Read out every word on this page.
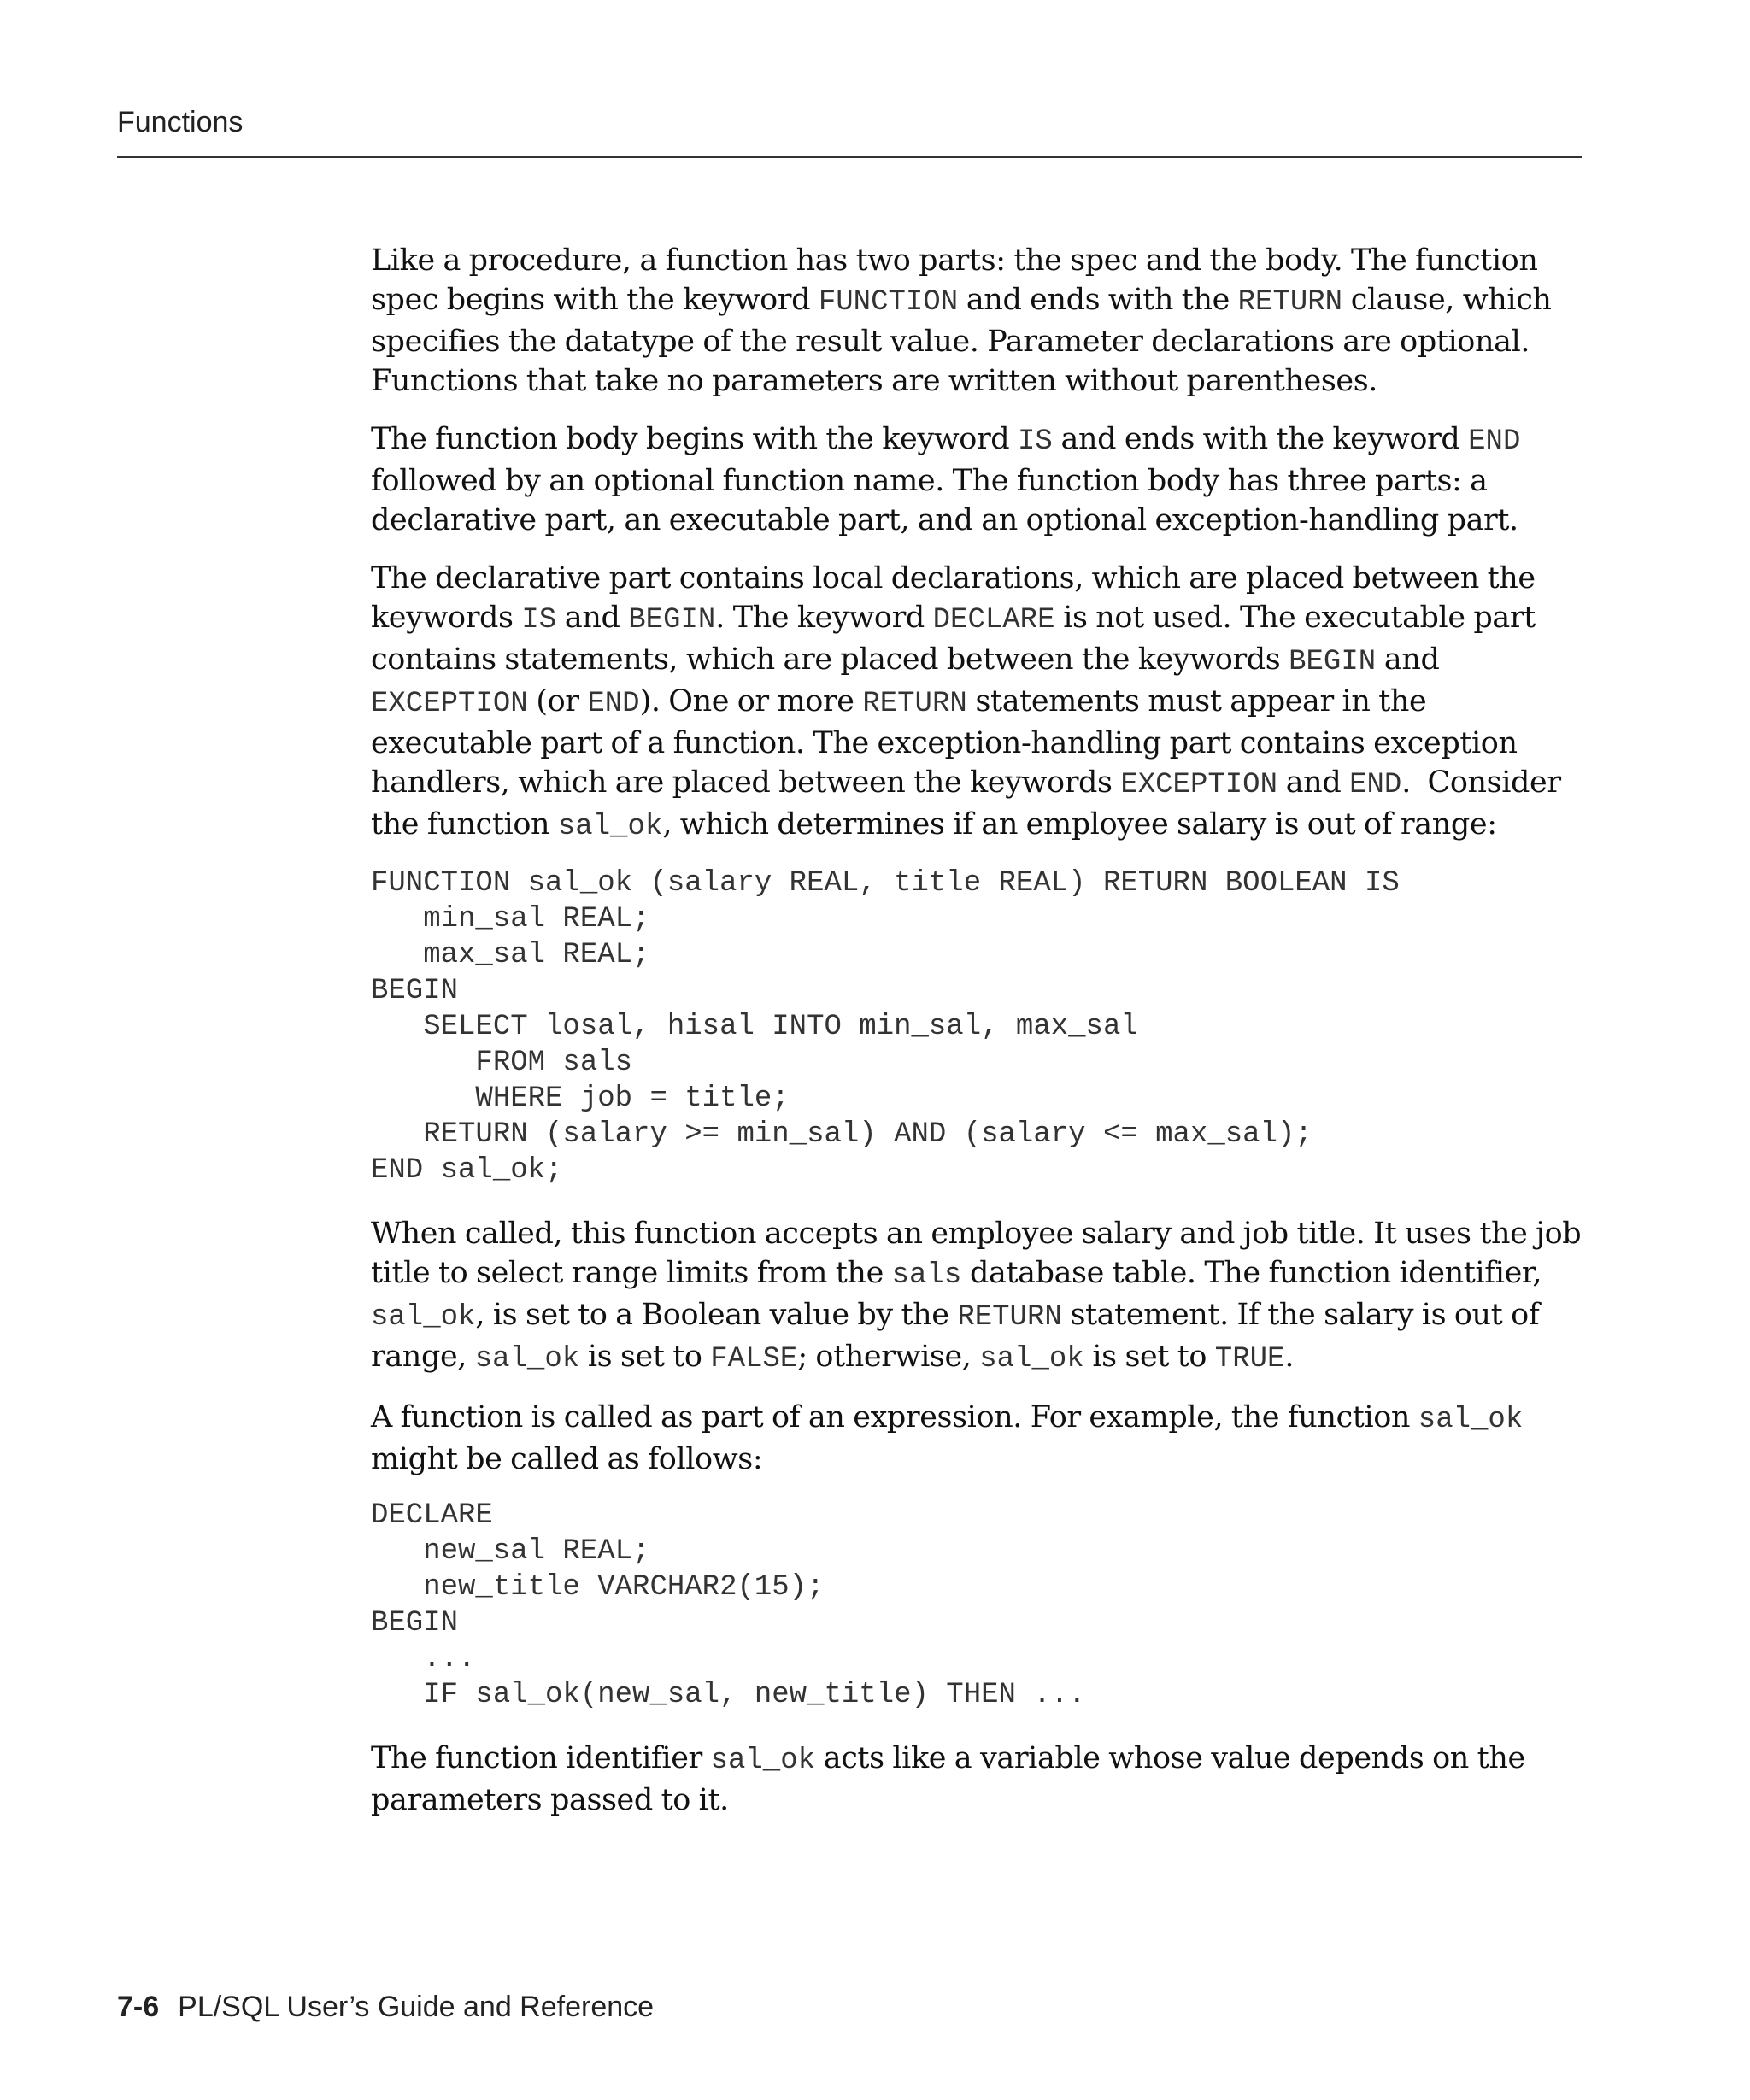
Functions

Like a procedure, a function has two parts: the spec and the body. The function spec begins with the keyword FUNCTION and ends with the RETURN clause, which specifies the datatype of the result value. Parameter declarations are optional. Functions that take no parameters are written without parentheses.

The function body begins with the keyword IS and ends with the keyword END followed by an optional function name. The function body has three parts: a declarative part, an executable part, and an optional exception-handling part.

The declarative part contains local declarations, which are placed between the keywords IS and BEGIN. The keyword DECLARE is not used. The executable part contains statements, which are placed between the keywords BEGIN and EXCEPTION (or END). One or more RETURN statements must appear in the executable part of a function. The exception-handling part contains exception handlers, which are placed between the keywords EXCEPTION and END.  Consider the function sal_ok, which determines if an employee salary is out of range:

FUNCTION sal_ok (salary REAL, title REAL) RETURN BOOLEAN IS
min_sal REAL;
max_sal REAL;
BEGIN
SELECT losal, hisal INTO min_sal, max_sal
FROM sals
WHERE job = title;
RETURN (salary >= min_sal) AND (salary <= max_sal);
END sal_ok;

When called, this function accepts an employee salary and job title. It uses the job title to select range limits from the sals database table. The function identifier, sal_ok, is set to a Boolean value by the RETURN statement. If the salary is out of range, sal_ok is set to FALSE; otherwise, sal_ok is set to TRUE.

A function is called as part of an expression. For example, the function sal_ok might be called as follows:

DECLARE
new_sal REAL;
new_title VARCHAR2(15);
BEGIN
...
IF sal_ok(new_sal, new_title) THEN ...

The function identifier sal_ok acts like a variable whose value depends on the parameters passed to it.

7-6 PL/SQL User’s Guide and Reference
